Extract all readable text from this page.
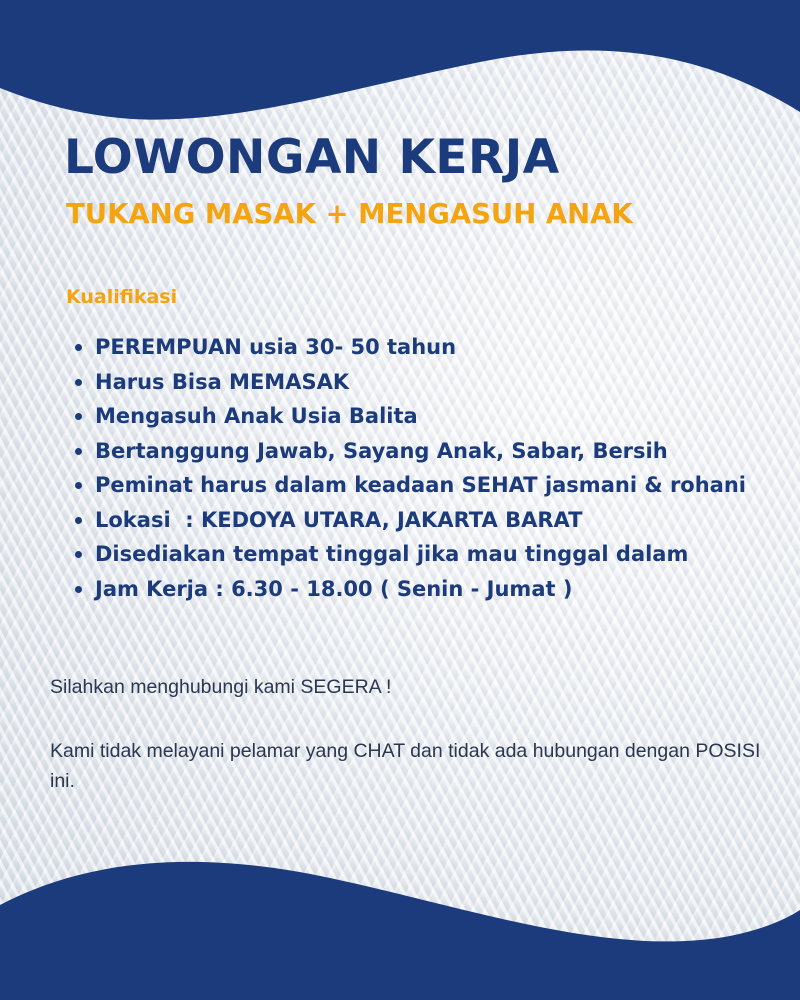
LOWONGAN KERJA
TUKANG MASAK + MENGASUH ANAK
Kualifikasi
PEREMPUAN usia 30- 50 tahun
Harus Bisa MEMASAK
Mengasuh Anak Usia Balita
Bertanggung Jawab, Sayang Anak, Sabar, Bersih
Peminat harus dalam keadaan SEHAT jasmani & rohani
Lokasi  : KEDOYA UTARA, JAKARTA BARAT
Disediakan tempat tinggal jika mau tinggal dalam
Jam Kerja : 6.30 - 18.00 ( Senin - Jumat )

Silahkan menghubungi kami SEGERA !

Kami tidak melayani pelamar yang CHAT dan tidak ada hubungan dengan POSISI ini.
